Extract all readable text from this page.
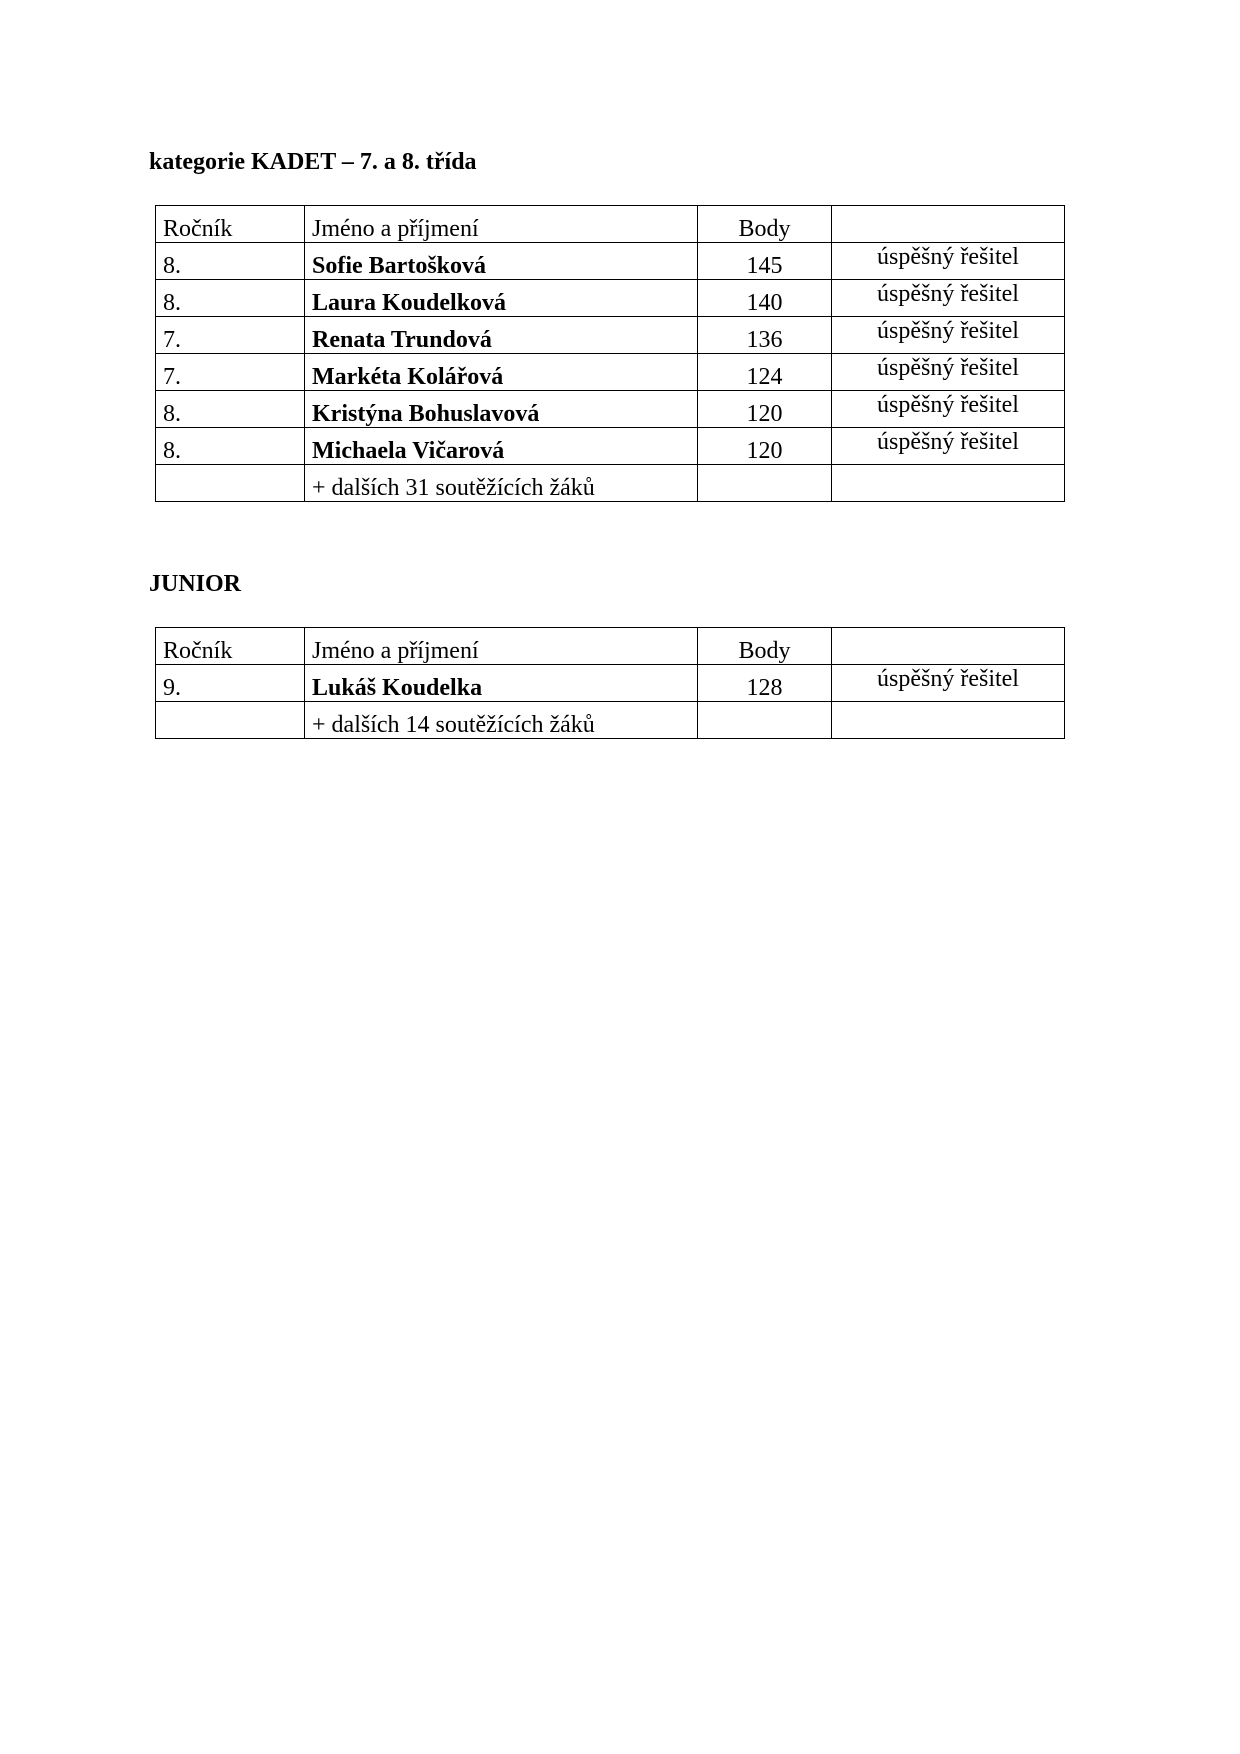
kategorie KADET – 7. a 8. třída
Ročník	Jméno a příjmení	Body	
8.	Sofie Bartošková	145	úspěšný řešitel
8.	Laura Koudelková	140	úspěšný řešitel
7.	Renata Trundová	136	úspěšný řešitel
7.	Markéta Kolářová	124	úspěšný řešitel
8.	Kristýna Bohuslavová	120	úspěšný řešitel
8.	Michaela Vičarová	120	úspěšný řešitel
	+ dalších 31 soutěžících žáků		
JUNIOR
Ročník	Jméno a příjmení	Body	
9.	Lukáš Koudelka	128	úspěšný řešitel
	+ dalších 14 soutěžících žáků		
